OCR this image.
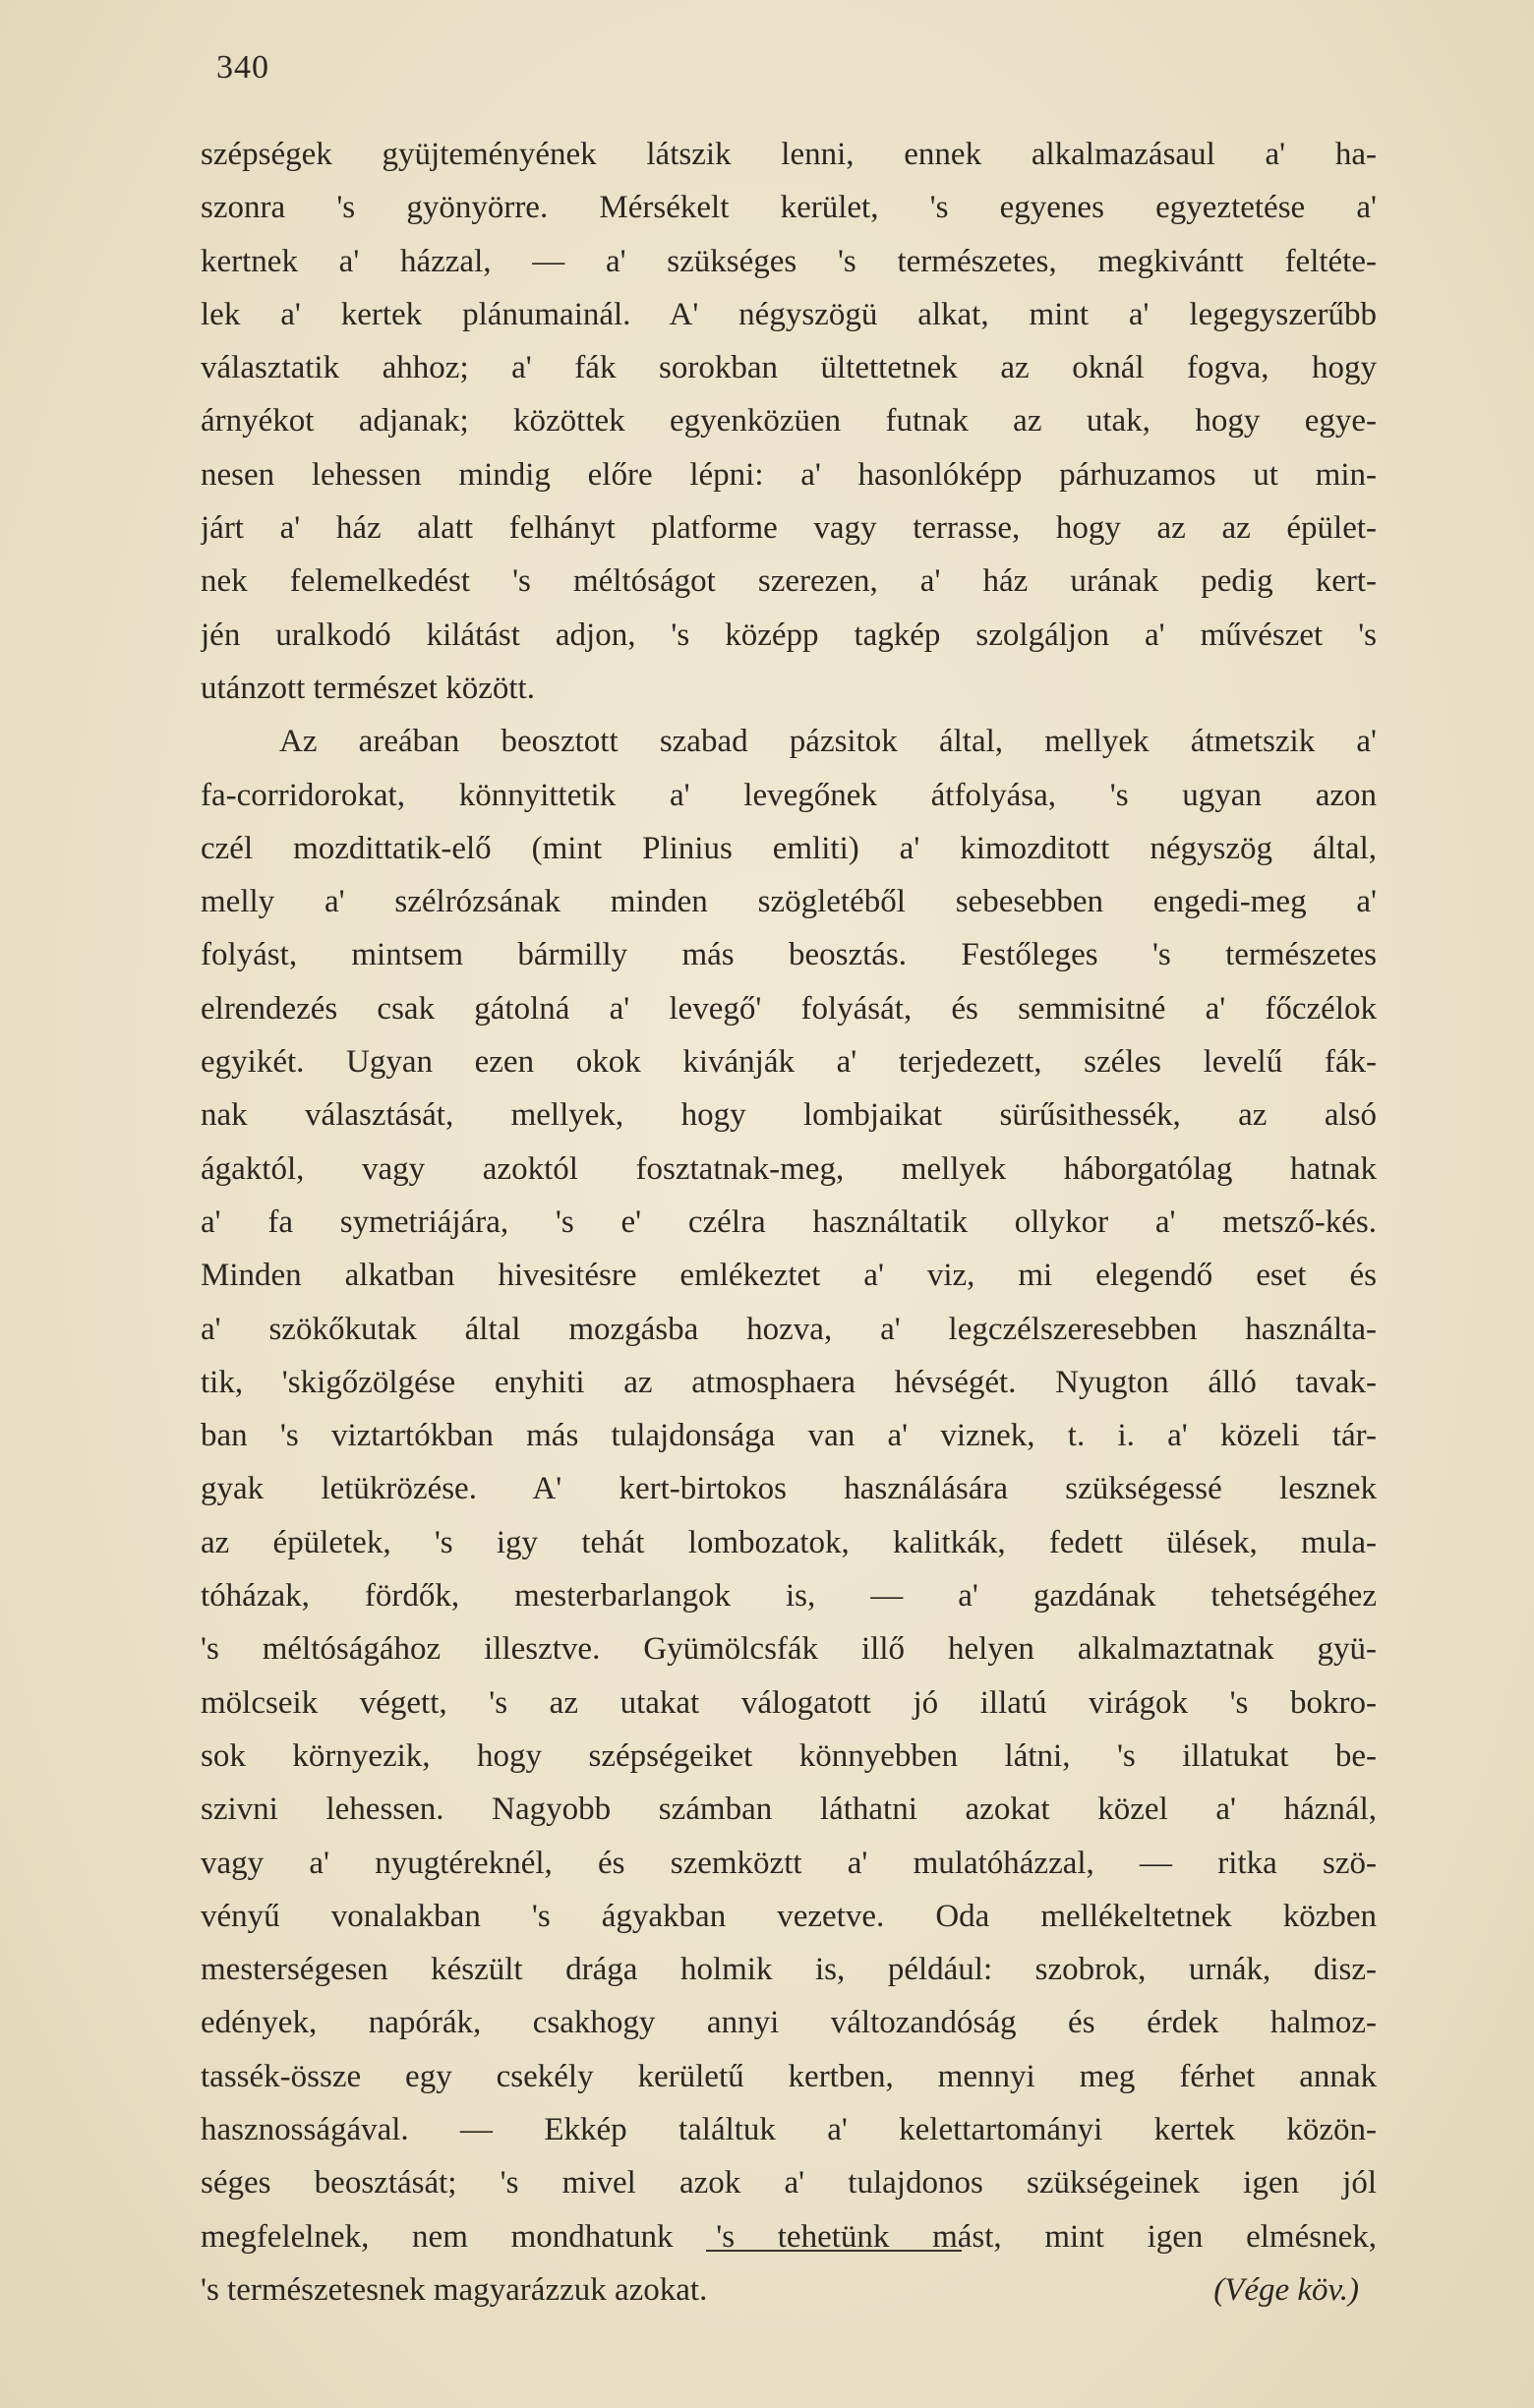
340
szépségek gyüjteményének látszik lenni, ennek alkalmazásaul a' ha-
szonra 's gyönyörre. Mérsékelt kerület, 's egyenes egyeztetése a'
kertnek a' házzal, — a' szükséges 's természetes, megkivántt feltéte-
lek a' kertek plánumainál. A' négyszögü alkat, mint a' legegyszerűbb
választatik ahhoz; a' fák sorokban ültettetnek az oknál fogva, hogy
árnyékot adjanak; közöttek egyenközüen futnak az utak, hogy egye-
nesen lehessen mindig előre lépni: a' hasonlóképp párhuzamos ut min-
járt a' ház alatt felhányt platforme vagy terrasse, hogy az az épület-
nek felemelkedést 's méltóságot szerezen, a' ház urának pedig kert-
jén uralkodó kilátást adjon, 's középp tagkép szolgáljon a' művészet 's
utánzott természet között.
Az areában beosztott szabad pázsitok által, mellyek átmetszik a'
fa-corridorokat, könnyittetik a' levegőnek átfolyása, 's ugyan azon
czél mozdittatik-elő (mint Plinius emliti) a' kimozditott négyszög által,
melly a' szélrózsának minden szögletéből sebesebben engedi-meg a'
folyást, mintsem bármilly más beosztás. Festőleges 's természetes
elrendezés csak gátolná a' levegő' folyását, és semmisitné a' főczélok
egyikét. Ugyan ezen okok kivánják a' terjedezett, széles levelű fák-
nak választását, mellyek, hogy lombjaikat sürűsithessék, az alsó
ágaktól, vagy azoktól fosztatnak-meg, mellyek háborgatólag hatnak
a' fa symetriájára, 's e' czélra használtatik ollykor a' metsző-kés.
Minden alkatban hivesitésre emlékeztet a' viz, mi elegendő eset és
a' szökőkutak által mozgásba hozva, a' legczélszeresebben használta-
tik, 'skigőzölgése enyhiti az atmosphaera hévségét. Nyugton álló tavak-
ban 's viztartókban más tulajdonsága van a' viznek, t. i. a' közeli tár-
gyak letükrözése. A' kert-birtokos használására szükségessé lesznek
az épületek, 's igy tehát lombozatok, kalitkák, fedett ülések, mula-
tóházak, fördők, mesterbarlangok is, — a' gazdának tehetségéhez
's méltóságához illesztve. Gyümölcsfák illő helyen alkalmaztatnak gyü-
mölcseik végett, 's az utakat válogatott jó illatú virágok 's bokro-
sok környezik, hogy szépségeiket könnyebben látni, 's illatukat be-
szivni lehessen. Nagyobb számban láthatni azokat közel a' háznál,
vagy a' nyugtéreknél, és szemköztt a' mulatóházzal, — ritka szö-
vényű vonalakban 's ágyakban vezetve. Oda mellékeltetnek közben
mesterségesen készült drága holmik is, például: szobrok, urnák, disz-
edények, napórák, csakhogy annyi változandóság és érdek halmoz-
tassék-össze egy csekély kerületű kertben, mennyi meg férhet annak
hasznosságával. — Ekkép találtuk a' kelettartományi kertek közön-
séges beosztását; 's mivel azok a' tulajdonos szükségeinek igen jól
megfelelnek, nem mondhatunk 's tehetünk mást, mint igen elmésnek,
's természetesnek magyarázzuk azokat.	(Vége köv.)
